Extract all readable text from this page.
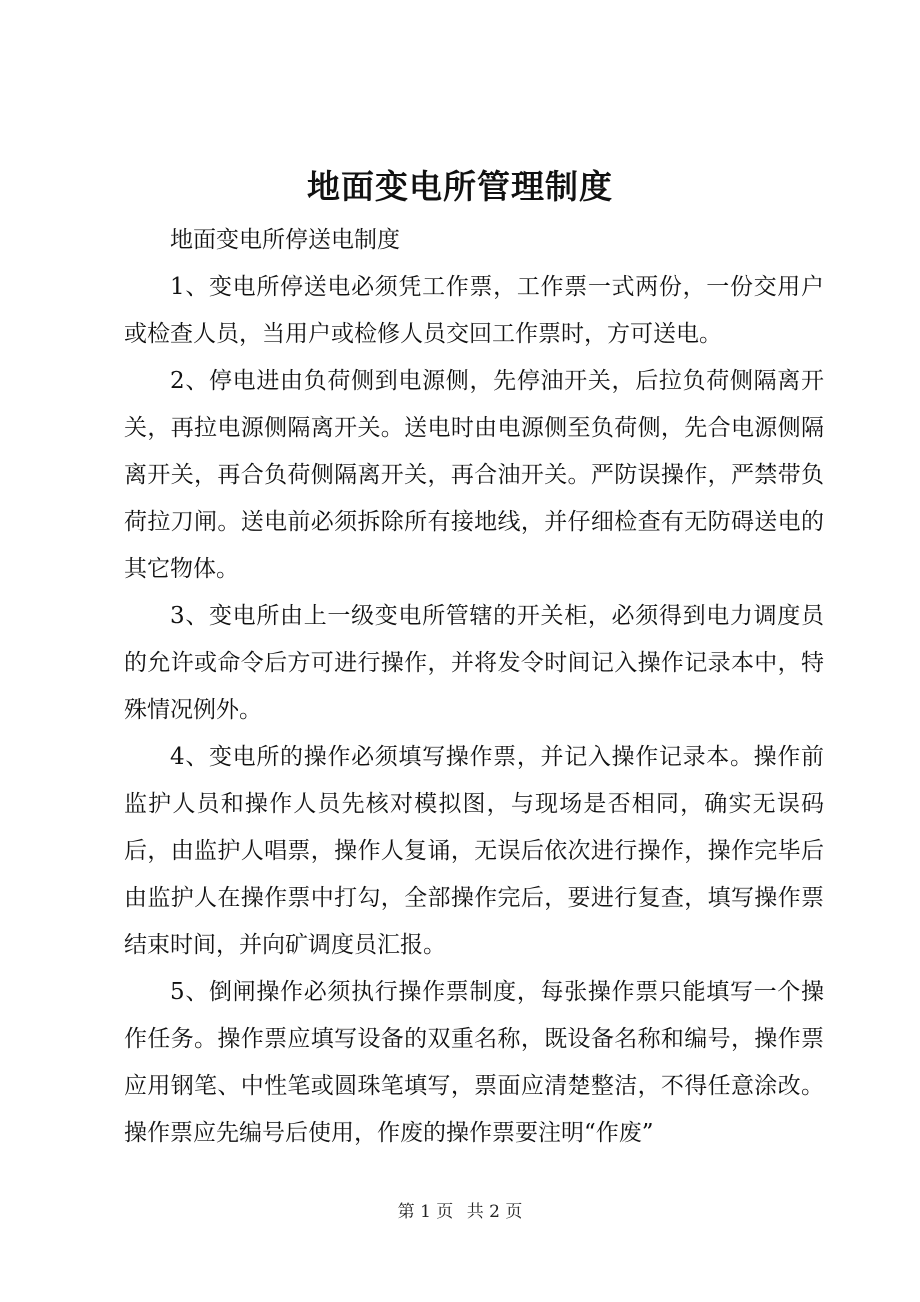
地面变电所管理制度

地面变电所停送电制度

1、变电所停送电必须凭工作票，工作票一式两份，一份交用户或检查人员，当用户或检修人员交回工作票时，方可送电。

2、停电进由负荷侧到电源侧，先停油开关，后拉负荷侧隔离开关，再拉电源侧隔离开关。送电时由电源侧至负荷侧，先合电源侧隔离开关，再合负荷侧隔离开关，再合油开关。严防误操作，严禁带负荷拉刀闸。送电前必须拆除所有接地线，并仔细检查有无防碍送电的其它物体。

3、变电所由上一级变电所管辖的开关柜，必须得到电力调度员的允许或命令后方可进行操作，并将发令时间记入操作记录本中，特殊情况例外。

4、变电所的操作必须填写操作票，并记入操作记录本。操作前监护人员和操作人员先核对模拟图，与现场是否相同，确实无误码后，由监护人唱票，操作人复诵，无误后依次进行操作，操作完毕后由监护人在操作票中打勾，全部操作完后，要进行复查，填写操作票结束时间，并向矿调度员汇报。

5、倒闸操作必须执行操作票制度，每张操作票只能填写一个操作任务。操作票应填写设备的双重名称，既设备名称和编号，操作票应用钢笔、中性笔或圆珠笔填写，票面应清楚整洁，不得任意涂改。操作票应先编号后使用，作废的操作票要注明“作废”

第 1 页 共 2 页
